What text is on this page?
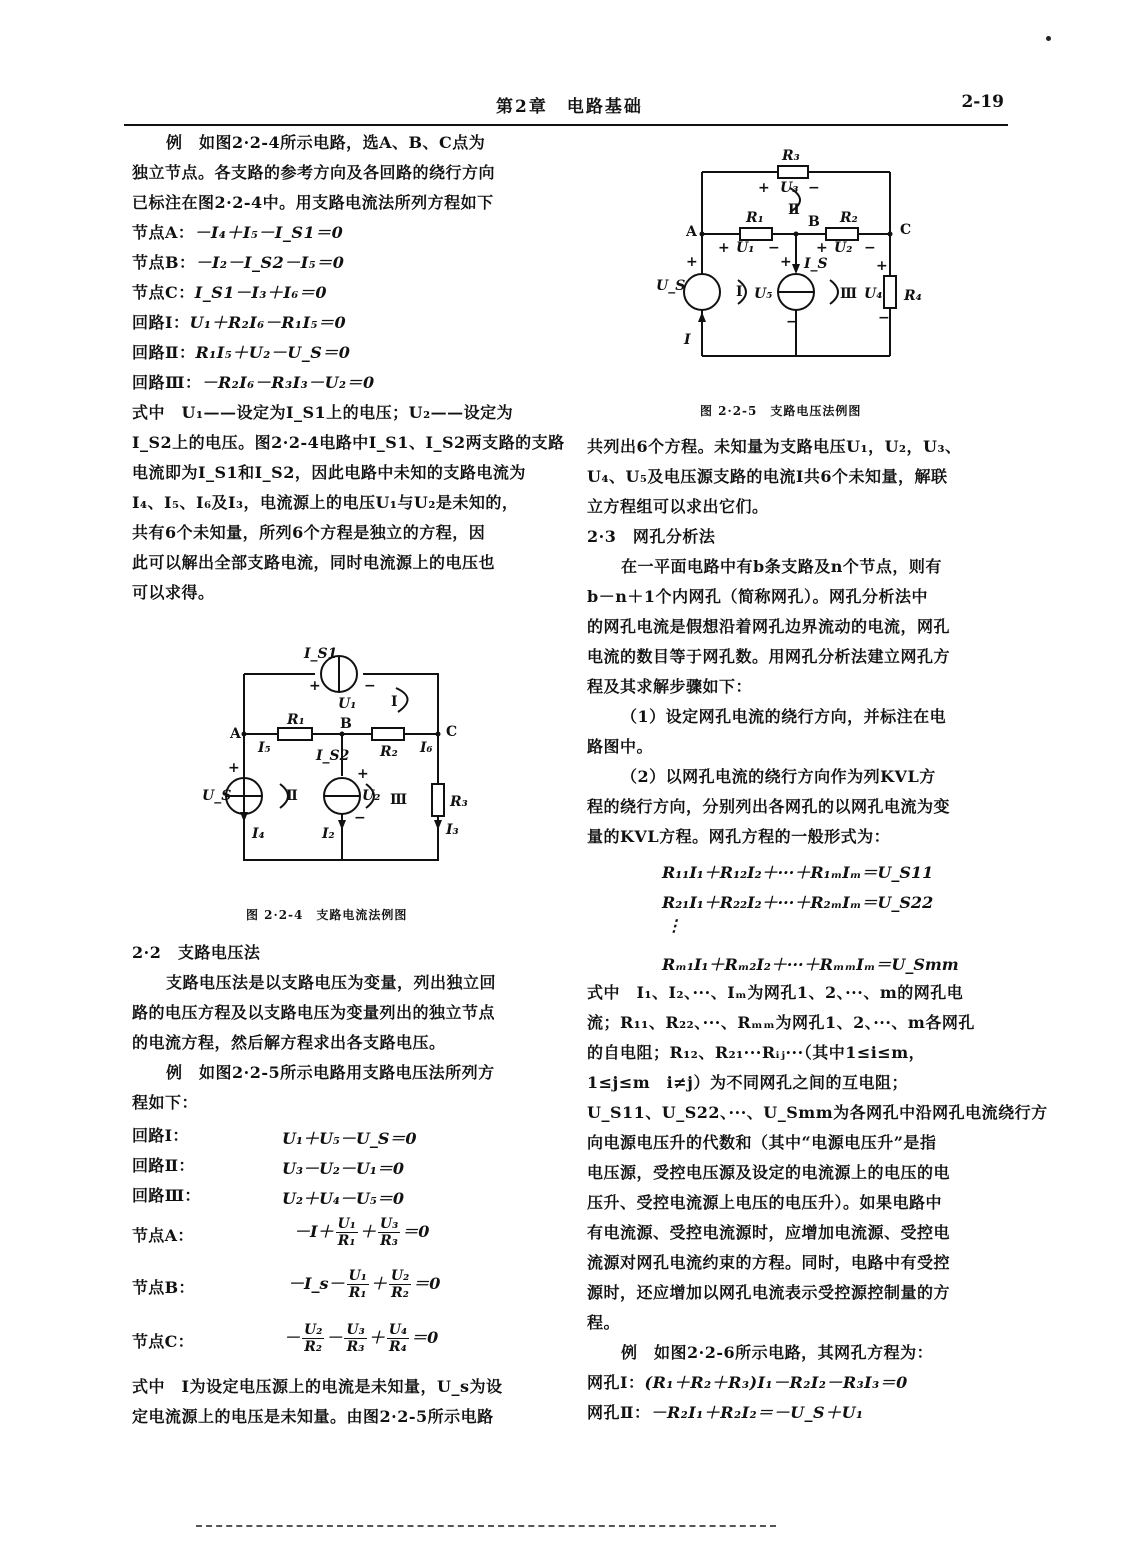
第2章　电路基础	2-19
例　如图2·2-4所示电路，选A、B、C点为
独立节点。各支路的参考方向及各回路的绕行方向
已标注在图2·2-4中。用支路电流法所列方程如下
节点A：－I₄＋I₅－I_S1＝0
节点B：－I₂－I_S2－I₅＝0
节点C：I_S1－I₃＋I₆＝0
回路Ⅰ：U₁＋R₂I₆－R₁I₅＝0
回路Ⅱ：R₁I₅＋U₂－U_S＝0
回路Ⅲ：－R₂I₆－R₃I₃－U₂＝0
式中　U₁——设定为I_S1上的电压；U₂——设定为
I_S2上的电压。图2·2-4电路中I_S1、I_S2两支路的支路
电流即为I_S1和I_S2，因此电路中未知的支路电流为
I₄、I₅、I₆及I₃，电流源上的电压U₁与U₂是未知的，
共有6个未知量，所列6个方程是独立的方程，因
此可以解出全部支路电流，同时电流源上的电压也
可以求得。
I_S1
+	−
U₁ Ⅰ
A
R₁	B
R₂
C
I₅	I_S2	I₆
+
U_S	Ⅱ
+
U₂ Ⅲ
−
R₃
I₄	I₂	I₃
图 2·2-4　支路电流法例图
2·2　支路电压法
支路电压法是以支路电压为变量，列出独立回
路的电压方程及以支路电压为变量列出的独立节点
的电流方程，然后解方程求出各支路电压。
例　如图2·2-5所示电路用支路电压法所列方
程如下：
回路Ⅰ：	U₁＋U₅－U_S＝0
回路Ⅱ：	U₃－U₂－U₁＝0
回路Ⅲ：	U₂＋U₄－U₅＝0
节点A：	$-I+ \frac{\text{U₁}}{\text{R₁}} + \frac{\text{U₃}}{\text{R₃}} =0$
节点B：	－I_s－ $\frac{\text{U₁}}{\text{R₁}} + \frac{\text{U₂}}{\text{R₂}} =0$
节点C：	－ $\frac{\text{U₂}}{\text{R₂}} - \frac{\text{U₃}}{\text{R₃}} + \frac{\text{U₄}}{\text{R₄}} =0$
式中　I为设定电压源上的电流是未知量，U_s为设
定电流源上的电压是未知量。由图2·2-5所示电路
R₃
+ U₃ −
Ⅱ
A
R₁	B R₂
C
+ U₁ −	+ U₂ −
+
U_S
+ I_S
Ⅰ U₅
+
Ⅲ U₄ R₄
−	−
I
图 2·2-5　支路电压法例图
共列出6个方程。未知量为支路电压U₁，U₂，U₃、
U₄、U₅及电压源支路的电流I共6个未知量，解联
立方程组可以求出它们。
2·3　网孔分析法
在一平面电路中有b条支路及n个节点，则有
b－n＋1个内网孔（简称网孔）。网孔分析法中
的网孔电流是假想沿着网孔边界流动的电流，网孔
电流的数目等于网孔数。用网孔分析法建立网孔方
程及其求解步骤如下：
（1）设定网孔电流的绕行方向，并标注在电
路图中。
（2）以网孔电流的绕行方向作为列KVL方
程的绕行方向，分别列出各网孔的以网孔电流为变
量的KVL方程。网孔方程的一般形式为：
R₁₁I₁＋R₁₂I₂＋···＋R₁ₘIₘ＝U_S11
R₂₁I₁＋R₂₂I₂＋···＋R₂ₘIₘ＝U_S22
⋮
Rₘ₁I₁＋Rₘ₂I₂＋···＋RₘₘIₘ＝U_Smm
式中　I₁、I₂、···、Iₘ为网孔1、2、···、m的网孔电
流；R₁₁、R₂₂、···、Rₘₘ为网孔1、2、···、m各网孔
的自电阻；R₁₂、R₂₁···Rᵢⱼ···（其中1≤i≤m，
1≤j≤m　i≠j）为不同网孔之间的互电阻；
U_S11、U_S22、···、U_Smm为各网孔中沿网孔电流绕行方
向电源电压升的代数和（其中“电源电压升”是指
电压源，受控电压源及设定的电流源上的电压的电
压升、受控电流源上电压的电压升）。如果电路中
有电流源、受控电流源时，应增加电流源、受控电
流源对网孔电流约束的方程。同时，电路中有受控
源时，还应增加以网孔电流表示受控源控制量的方
程。
例　如图2·2-6所示电路，其网孔方程为：
网孔Ⅰ：(R₁＋R₂＋R₃)I₁－R₂I₂－R₃I₃＝0
网孔Ⅱ：－R₂I₁＋R₂I₂＝－U_S＋U₁
